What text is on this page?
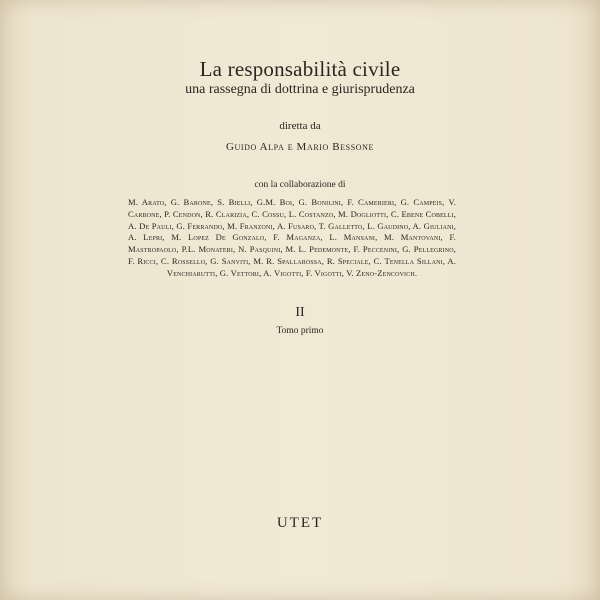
La responsabilità civile
una rassegna di dottrina e giurisprudenza
diretta da
Guido Alpa e Mario Bessone
con la collaborazione di
M. Arato, G. Barone, S. Bielli, G.M. Boi, G. Bonilini, F. Camerieri, G. Campeis, V. Carbone, P. Cendon, R. Clarizia, C. Cossu, L. Costanzo, M. Dogliotti, C. Ebene Cobelli, A. De Pauli, G. Ferrando, M. Franzoni, A. Fusaro, T. Galletto, L. Gaudino, A. Giuliani, A. Lepri, M. Lopez De Gonzalo, F. Maganza, L. Mansani, M. Mantovani, F. Mastropaolo, P.L. Monateri, N. Pasquini, M. L. Pedemonte, F. Peccenini, G. Pellegrino, F. Ricci, C. Rossello, G. Sanviti, M. R. Spallarossa, R. Speciale, C. Tenella Sillani, A. Venchiarutti, G. Vettori, A. Vigotti, F. Vigotti, V. Zeno-Zencovich.
II
Tomo primo
UTET
